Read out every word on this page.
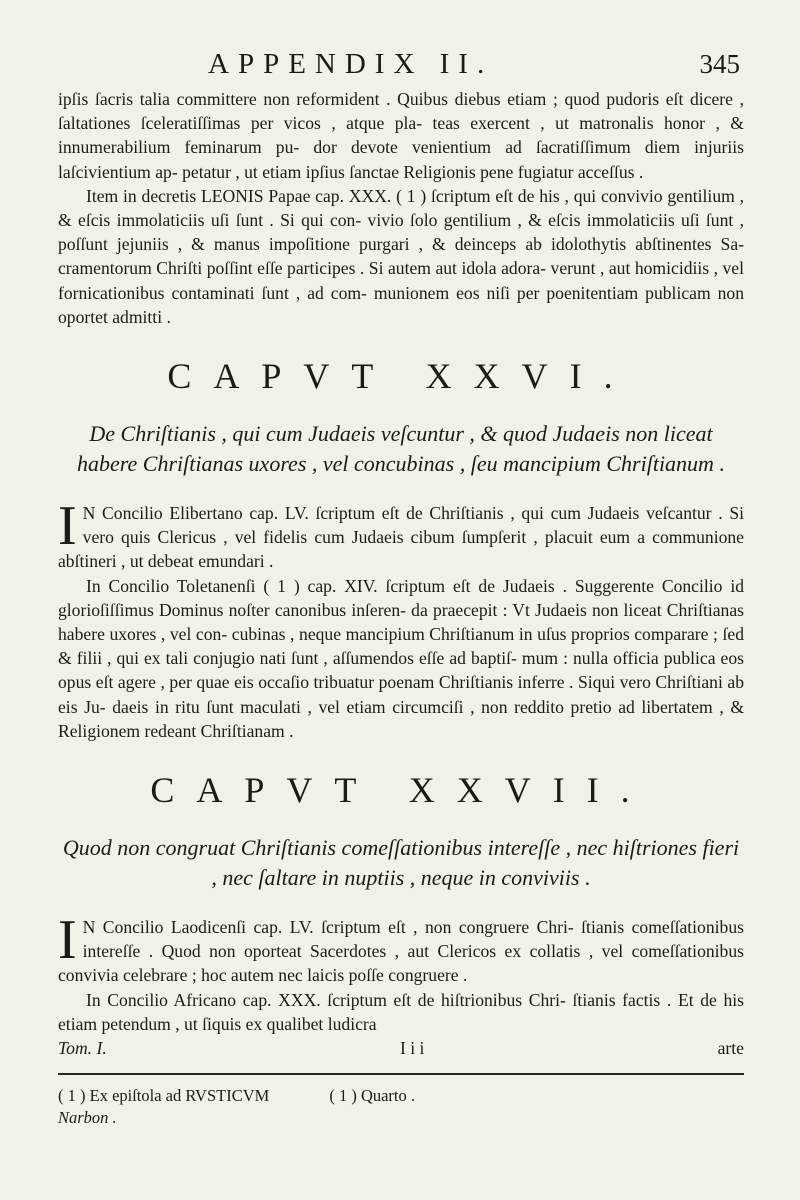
APPENDIX II.	345

ipſis ſacris talia committere non reformident . Quibus diebus etiam ; quod pudoris eſt dicere , ſaltationes ſceleratiſſimas per vicos , atque pla- teas exercent , ut matronalis honor , & innumerabilium feminarum pu- dor devote venientium ad ſacratiſſimum diem injuriis laſcivientium ap- petatur , ut etiam ipſius ſanctae Religionis pene fugiatur acceſſus .

Item in decretis LEONIS Papae cap. XXX. ( 1 ) ſcriptum eſt de his , qui convivio gentilium , & eſcis immolaticiis uſi ſunt . Si qui con- vivio ſolo gentilium , & eſcis immolaticiis uſi ſunt , poſſunt jejuniis , & manus impoſitione purgari , & deinceps ab idolothytis abſtinentes Sa- cramentorum Chriſti poſſint eſſe participes . Si autem aut idola adora- verunt , aut homicidiis , vel fornicationibus contaminati ſunt , ad com- munionem eos niſi per poenitentiam publicam non oportet admitti .

CAPVT XXVI.
De Chriſtianis , qui cum Judaeis veſcuntur , & quod Judaeis non liceat habere Chriſtianas uxores , vel concubinas , ſeu mancipium Chriſtianum .

I N Concilio Elibertano cap. LV. ſcriptum eſt de Chriſtianis , qui cum Judaeis veſcantur . Si vero quis Clericus , vel fidelis cum Judaeis cibum ſumpſerit , placuit eum a communione abſtineri , ut debeat emundari .

In Concilio Toletanenſi ( 1 ) cap. XIV. ſcriptum eſt de Judaeis . Suggerente Concilio id glorioſiſſimus Dominus noſter canonibus inſeren- da praecepit : Vt Judaeis non liceat Chriſtianas habere uxores , vel con- cubinas , neque mancipium Chriſtianum in uſus proprios comparare ; ſed & filii , qui ex tali conjugio nati ſunt , aſſumendos eſſe ad baptiſ- mum : nulla officia publica eos opus eſt agere , per quae eis occaſio tribuatur poenam Chriſtianis inferre . Siqui vero Chriſtiani ab eis Ju- daeis in ritu ſunt maculati , vel etiam circumciſi , non reddito pretio ad libertatem , & Religionem redeant Chriſtianam .

CAPVT XXVII.
Quod non congruat Chriſtianis comeſſationibus intereſſe , nec hiſtriones fieri , nec ſaltare in nuptiis , neque in conviviis .

I N Concilio Laodicenſi cap. LV. ſcriptum eſt , non congruere Chri- ſtianis comeſſationibus intereſſe . Quod non oporteat Sacerdotes , aut Clericos ex collatis , vel comeſſationibus convivia celebrare ; hoc autem nec laicis poſſe congruere .

In Concilio Africano cap. XXX. ſcriptum eſt de hiſtrionibus Chri- ſtianis factis . Et de his etiam petendum , ut ſiquis ex qualibet ludicra

Tom. I.	I i i	arte
( 1 ) Ex epiſtola ad RVSTICVM	( 1 ) Quarto .
Narbon .
